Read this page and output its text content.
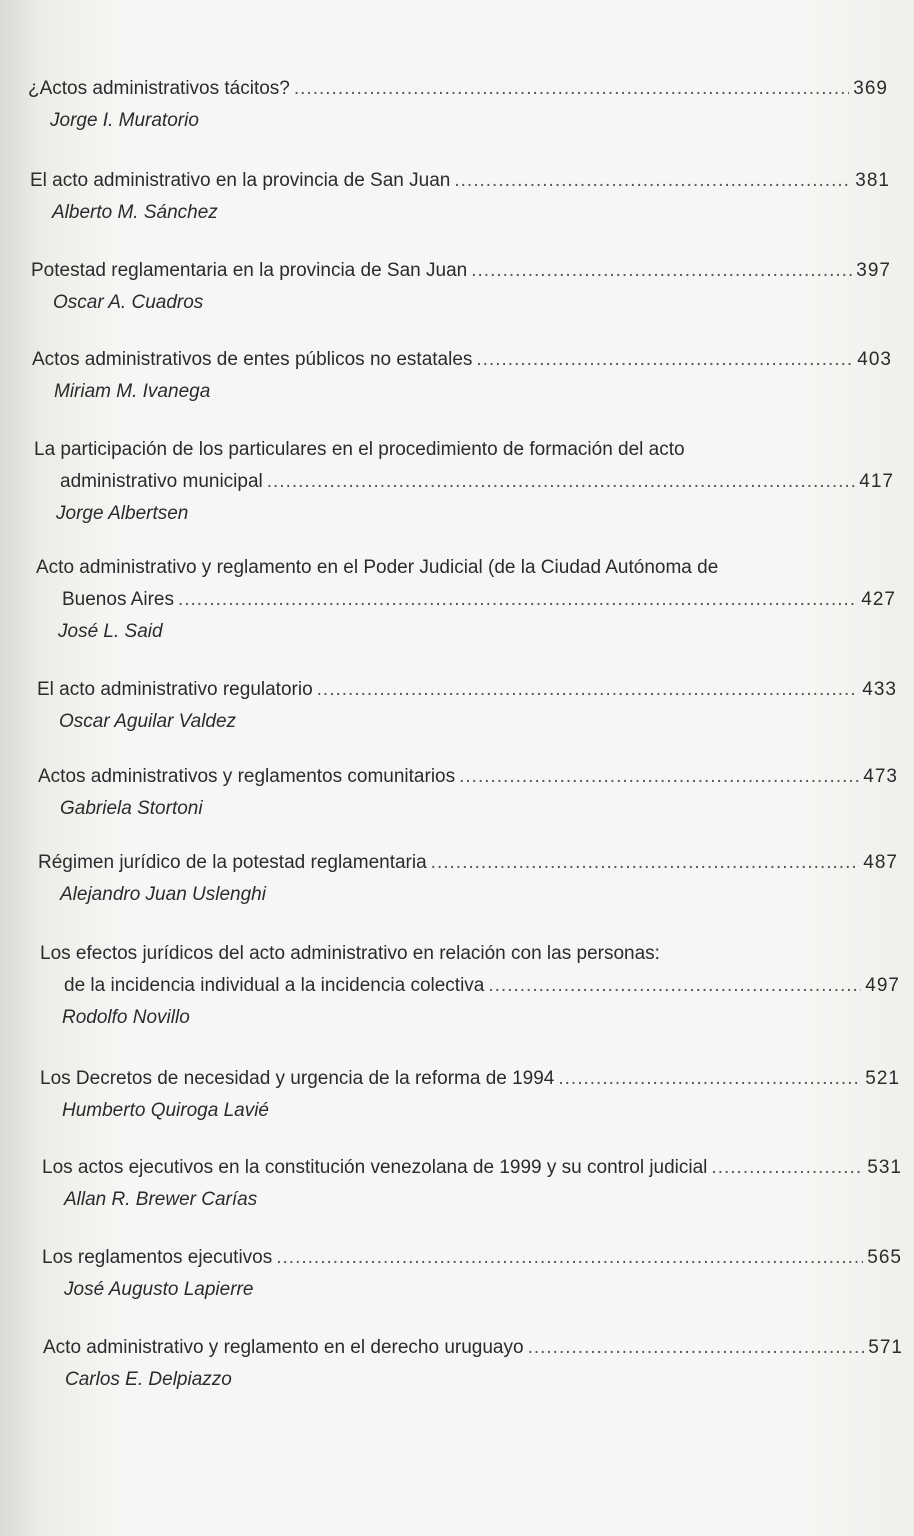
¿Actos administrativos tácitos? .....	369
Jorge I. Muratorio
El acto administrativo en la provincia de San Juan .....	381
Alberto M. Sánchez
Potestad reglamentaria en la provincia de San Juan .....	397
Oscar A. Cuadros
Actos administrativos de entes públicos no estatales .....	403
Miriam M. Ivanega
La participación de los particulares en el procedimiento de formación del acto
administrativo municipal .....	417
Jorge Albertsen
Acto administrativo y reglamento en el Poder Judicial (de la Ciudad Autónoma de
Buenos Aires .....	427
José L. Said
El acto administrativo regulatorio .....	433
Oscar Aguilar Valdez
Actos administrativos y reglamentos comunitarios .....	473
Gabriela Stortoni
Régimen jurídico de la potestad reglamentaria .....	487
Alejandro Juan Uslenghi
Los efectos jurídicos del acto administrativo en relación con las personas:
de la incidencia individual a la incidencia colectiva .....	497
Rodolfo Novillo
Los Decretos de necesidad y urgencia de la reforma de 1994 .....	521
Humberto Quiroga Lavié
Los actos ejecutivos en la constitución venezolana de 1999 y su control judicial .....	531
Allan R. Brewer Carías
Los reglamentos ejecutivos .....	565
José Augusto Lapierre
Acto administrativo y reglamento en el derecho uruguayo .....	571
Carlos E. Delpiazzo
